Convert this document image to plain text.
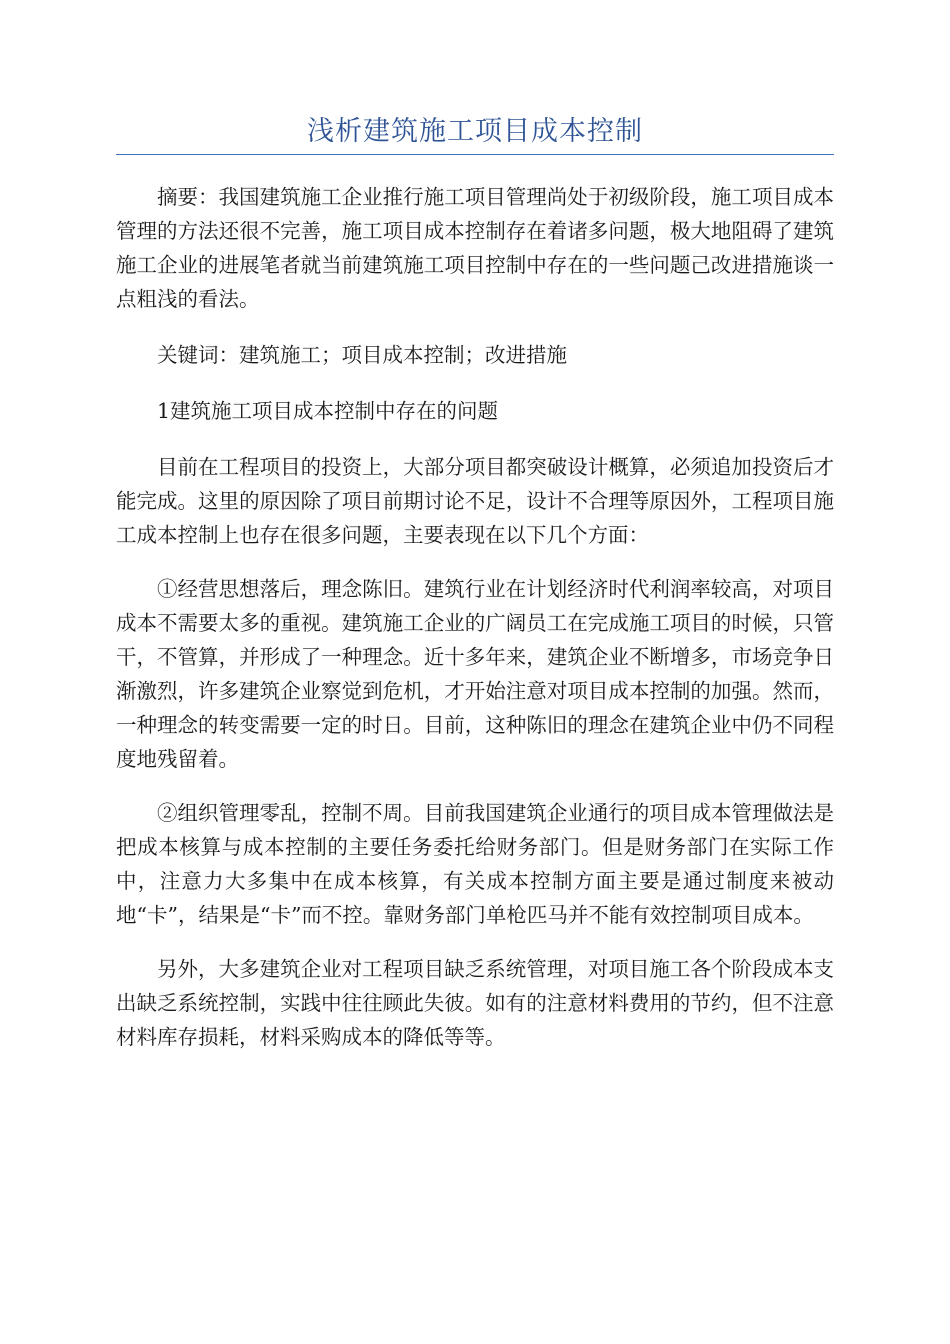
浅析建筑施工项目成本控制

摘要：我国建筑施工企业推行施工项目管理尚处于初级阶段，施工项目成本管理的方法还很不完善，施工项目成本控制存在着诸多问题，极大地阻碍了建筑施工企业的进展笔者就当前建筑施工项目控制中存在的一些问题己改进措施谈一点粗浅的看法。

关键词：建筑施工；项目成本控制；改进措施

1建筑施工项目成本控制中存在的问题

目前在工程项目的投资上，大部分项目都突破设计概算，必须追加投资后才能完成。这里的原因除了项目前期讨论不足，设计不合理等原因外，工程项目施工成本控制上也存在很多问题，主要表现在以下几个方面：

①经营思想落后，理念陈旧。建筑行业在计划经济时代利润率较高，对项目成本不需要太多的重视。建筑施工企业的广阔员工在完成施工项目的时候，只管干，不管算，并形成了一种理念。近十多年来，建筑企业不断增多，市场竞争日渐激烈，许多建筑企业察觉到危机，才开始注意对项目成本控制的加强。然而，一种理念的转变需要一定的时日。目前，这种陈旧的理念在建筑企业中仍不同程度地残留着。

②组织管理零乱，控制不周。目前我国建筑企业通行的项目成本管理做法是把成本核算与成本控制的主要任务委托给财务部门。但是财务部门在实际工作中，注意力大多集中在成本核算，有关成本控制方面主要是通过制度来被动地“卡”，结果是“卡”而不控。靠财务部门单枪匹马并不能有效控制项目成本。

另外，大多建筑企业对工程项目缺乏系统管理，对项目施工各个阶段成本支出缺乏系统控制，实践中往往顾此失彼。如有的注意材料费用的节约，但不注意材料库存损耗，材料采购成本的降低等等。
